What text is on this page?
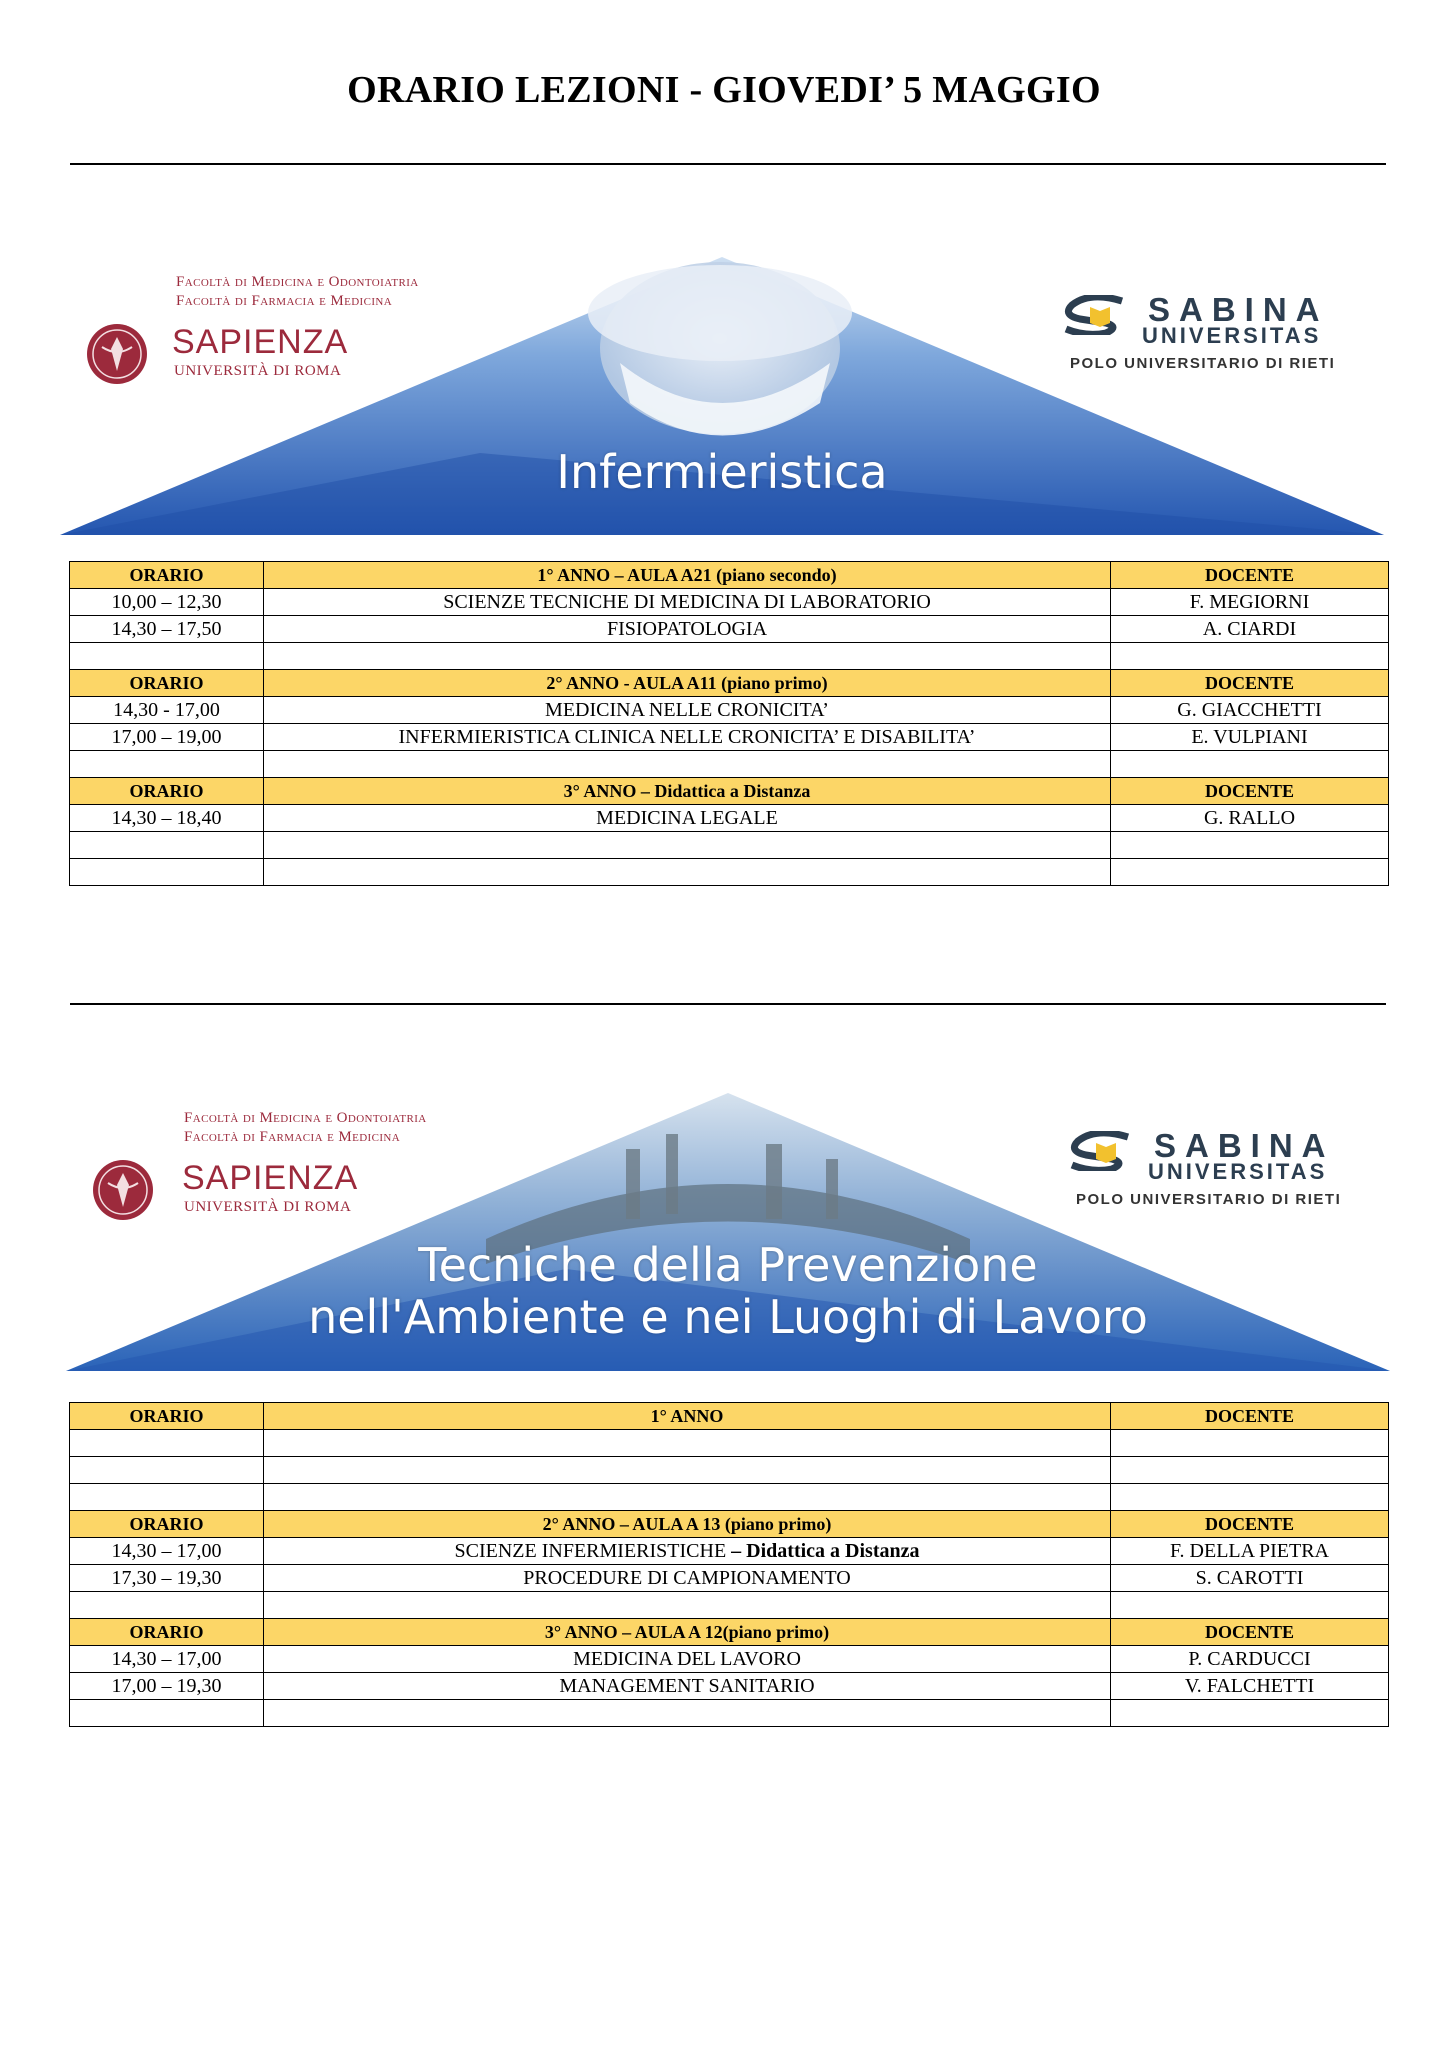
ORARIO LEZIONI - GIOVEDI’ 5 MAGGIO
Facoltà di Medicina e Odontoiatria
Facoltà di Farmacia e Medicina
SAPIENZA
UNIVERSITÀ DI ROMA
SABINA
UNIVERSITAS
POLO UNIVERSITARIO DI RIETI
Infermieristica
ORARIO	1° ANNO – AULA A21 (piano secondo)	DOCENTE
10,00 – 12,30	SCIENZE TECNICHE DI MEDICINA DI LABORATORIO	F. MEGIORNI
14,30 – 17,50	FISIOPATOLOGIA	A. CIARDI

ORARIO	2° ANNO - AULA A11 (piano primo)	DOCENTE
14,30 - 17,00	MEDICINA NELLE CRONICITA’	G. GIACCHETTI
17,00 – 19,00	INFERMIERISTICA CLINICA NELLE CRONICITA’ E DISABILITA’	E. VULPIANI

ORARIO	3° ANNO – Didattica a Distanza	DOCENTE
14,30 – 18,40	MEDICINA LEGALE	G. RALLO

Facoltà di Medicina e Odontoiatria
Facoltà di Farmacia e Medicina
SAPIENZA
UNIVERSITÀ DI ROMA
SABINA
UNIVERSITAS
POLO UNIVERSITARIO DI RIETI
Tecniche della Prevenzione
nell'Ambiente e nei Luoghi di Lavoro
ORARIO	1° ANNO	DOCENTE

ORARIO	2° ANNO – AULA A 13 (piano primo)	DOCENTE
14,30 – 17,00	SCIENZE INFERMIERISTICHE – Didattica a Distanza	F. DELLA PIETRA
17,30 – 19,30	PROCEDURE DI CAMPIONAMENTO	S. CAROTTI

ORARIO	3° ANNO – AULA A 12(piano primo)	DOCENTE
14,30 – 17,00	MEDICINA DEL LAVORO	P. CARDUCCI
17,00 – 19,30	MANAGEMENT SANITARIO	V. FALCHETTI
